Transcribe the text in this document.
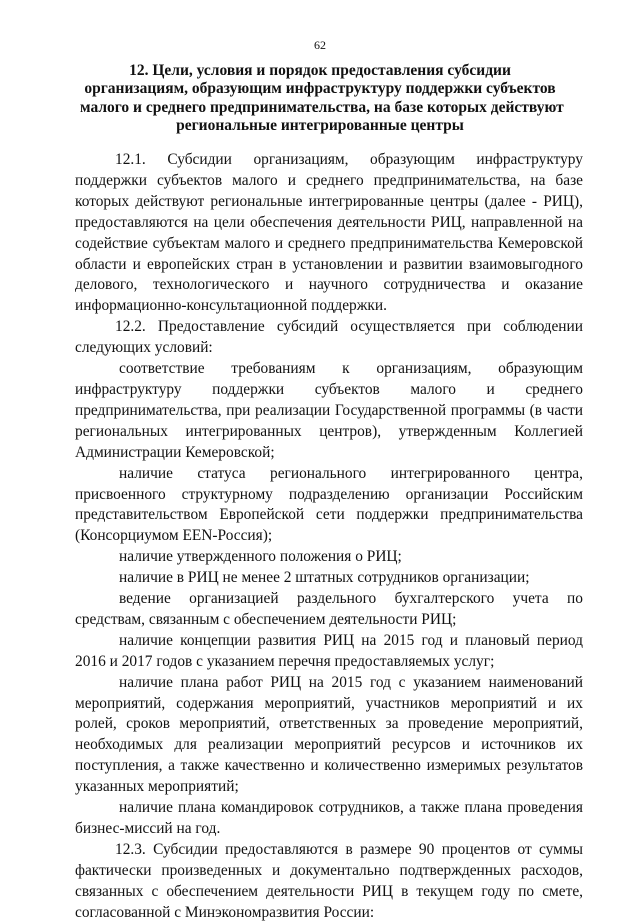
62
12. Цели, условия и порядок предоставления субсидии
организациям, образующим инфраструктуру поддержки субъектов
малого и среднего предпринимательства, на базе которых действуют
региональные интегрированные центры

12.1. Субсидии организациям, образующим инфраструктуру поддержки субъектов малого и среднего предпринимательства, на базе которых действуют региональные интегрированные центры (далее - РИЦ), предоставляются на цели обеспечения деятельности РИЦ, направленной на содействие субъектам малого и среднего предпринимательства Кемеровской области и европейских стран в установлении и развитии взаимовыгодного делового, технологического и научного сотрудничества и оказание информационно-консультационной поддержки.

12.2. Предоставление субсидий осуществляется при соблюдении следующих условий:

соответствие требованиям к организациям, образующим инфраструктуру поддержки субъектов малого и среднего предпринимательства, при реализации Государственной программы (в части региональных интегрированных центров), утвержденным Коллегией Администрации Кемеровской;

наличие статуса регионального интегрированного центра, присвоенного структурному подразделению организации Российским представительством Европейской сети поддержки предпринимательства (Консорциумом EEN-Россия);

наличие утвержденного положения о РИЦ;

наличие в РИЦ не менее 2 штатных сотрудников организации;

ведение организацией раздельного бухгалтерского учета по средствам, связанным с обеспечением деятельности РИЦ;

наличие концепции развития РИЦ на 2015 год и плановый период 2016 и 2017 годов с указанием перечня предоставляемых услуг;

наличие плана работ РИЦ на 2015 год с указанием наименований мероприятий, содержания мероприятий, участников мероприятий и их ролей, сроков мероприятий, ответственных за проведение мероприятий, необходимых для реализации мероприятий ресурсов и источников их поступления, а также качественно и количественно измеримых результатов указанных мероприятий;

наличие плана командировок сотрудников, а также плана проведения бизнес-миссий на год.

12.3. Субсидии предоставляются в размере 90 процентов от суммы фактически произведенных и документально подтвержденных расходов, связанных с обеспечением деятельности РИЦ в текущем году по смете, согласованной с Минэкономразвития России:
